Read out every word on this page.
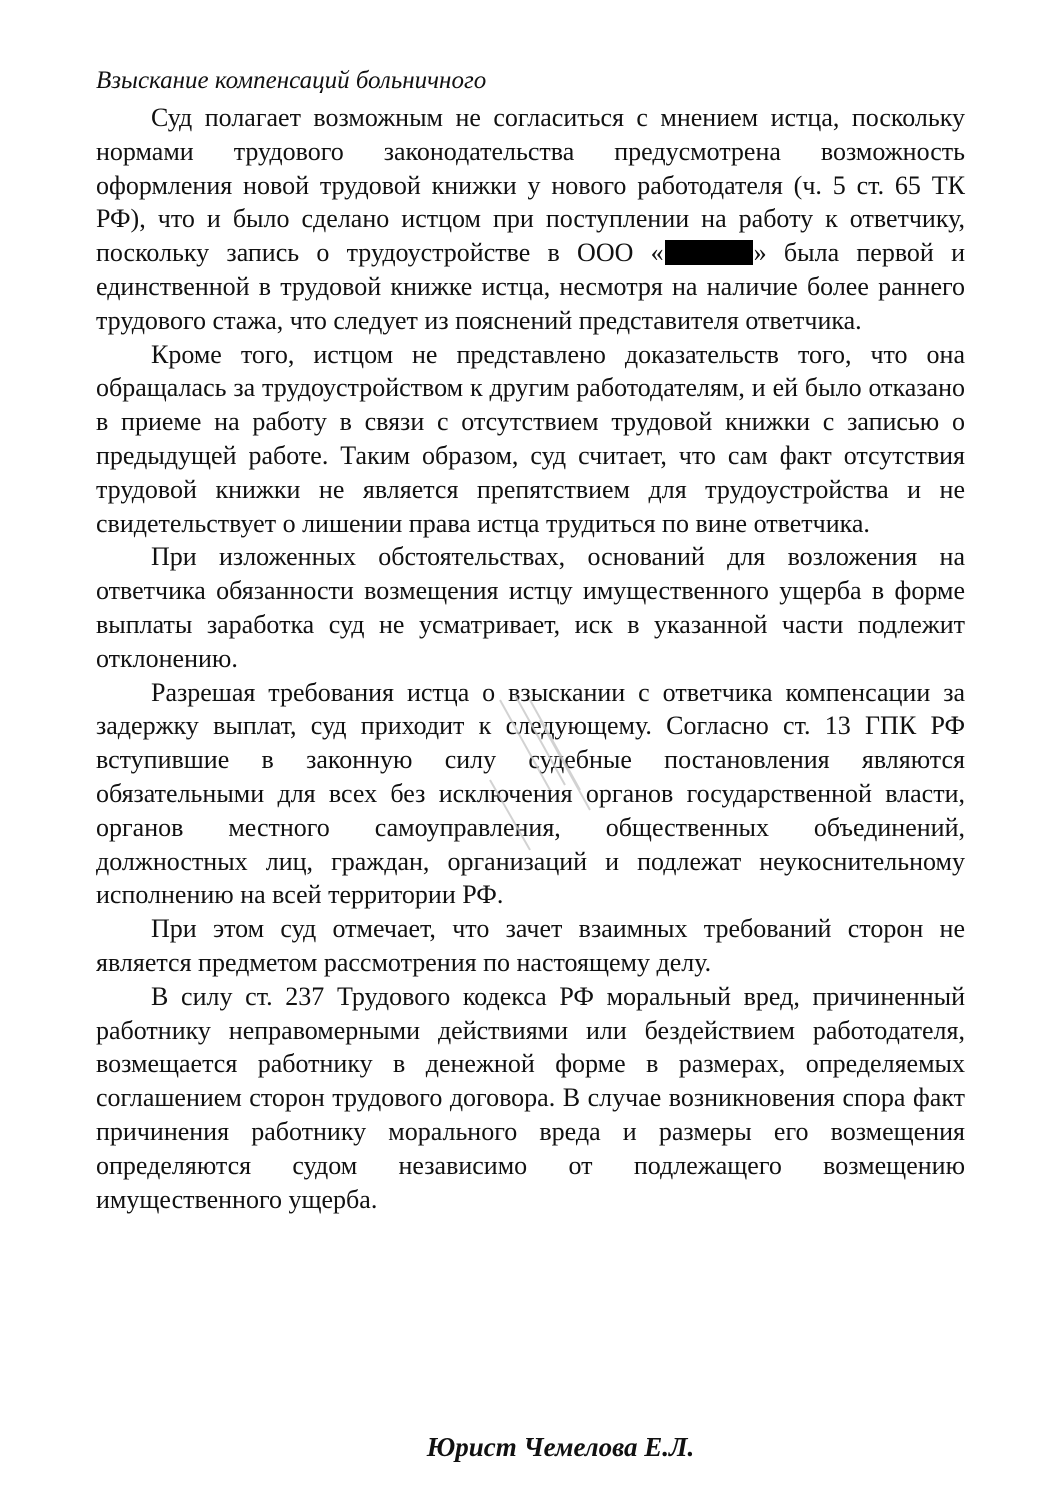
Взыскание компенсаций больничного

Суд полагает возможным не согласиться с мнением истца, поскольку нормами трудового законодательства предусмотрена возможность оформления новой трудовой книжки у нового работодателя (ч. 5 ст. 65 ТК РФ), что и было сделано истцом при поступлении на работу к ответчику, поскольку запись о трудоустройстве в ООО «	» была первой и единственной в трудовой книжке истца, несмотря на наличие более раннего трудового стажа, что следует из пояснений представителя ответчика.

Кроме того, истцом не представлено доказательств того, что она обращалась за трудоустройством к другим работодателям, и ей было отказано в приеме на работу в связи с отсутствием трудовой книжки с записью о предыдущей работе. Таким образом, суд считает, что сам факт отсутствия трудовой книжки не является препятствием для трудоустройства и не свидетельствует о лишении права истца трудиться по вине ответчика.

При изложенных обстоятельствах, оснований для возложения на ответчика обязанности возмещения истцу имущественного ущерба в форме выплаты заработка суд не усматривает, иск в указанной части подлежит отклонению.

Разрешая требования истца о взыскании с ответчика компенсации за задержку выплат, суд приходит к следующему. Согласно ст. 13 ГПК РФ вступившие в законную силу судебные постановления являются обязательными для всех без исключения органов государственной власти, органов местного самоуправления, общественных объединений, должностных лиц, граждан, организаций и подлежат неукоснительному исполнению на всей территории РФ.

При этом суд отмечает, что зачет взаимных требований сторон не является предметом рассмотрения по настоящему делу.

В силу ст. 237 Трудового кодекса РФ моральный вред, причиненный работнику неправомерными действиями или бездействием работодателя, возмещается работнику в денежной форме в размерах, определяемых соглашением сторон трудового договора. В случае возникновения спора факт причинения работнику морального вреда и размеры его возмещения определяются судом независимо от подлежащего возмещению имущественного ущерба.

Юрист Чемелова Е.Л.
